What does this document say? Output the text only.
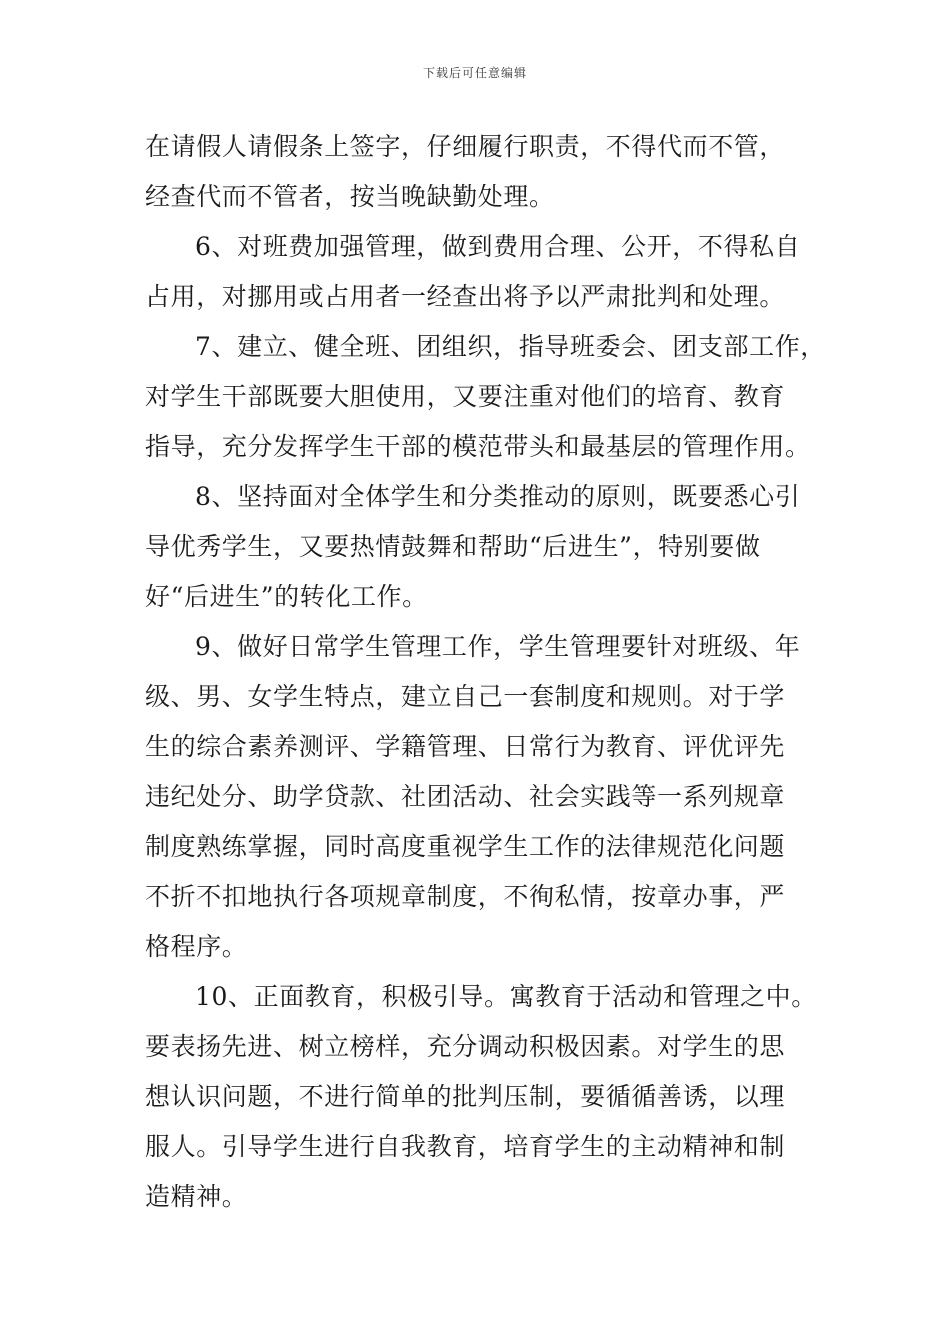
下载后可任意编辑
在请假人请假条上签字，仔细履行职责，不得代而不管，
经查代而不管者，按当晚缺勤处理。
6、对班费加强管理，做到费用合理、公开，不得私自
占用，对挪用或占用者一经查出将予以严肃批判和处理。
7、建立、健全班、团组织，指导班委会、团支部工作，
对学生干部既要大胆使用，又要注重对他们的培育、教育
指导，充分发挥学生干部的模范带头和最基层的管理作用。
8、坚持面对全体学生和分类推动的原则，既要悉心引
导优秀学生，又要热情鼓舞和帮助“后进生”，特别要做
好“后进生”的转化工作。
9、做好日常学生管理工作，学生管理要针对班级、年
级、男、女学生特点，建立自己一套制度和规则。对于学
生的综合素养测评、学籍管理、日常行为教育、评优评先
违纪处分、助学贷款、社团活动、社会实践等一系列规章
制度熟练掌握，同时高度重视学生工作的法律规范化问题
不折不扣地执行各项规章制度，不徇私情，按章办事，严
格程序。
10、正面教育，积极引导。寓教育于活动和管理之中。
要表扬先进、树立榜样，充分调动积极因素。对学生的思
想认识问题，不进行简单的批判压制，要循循善诱，以理
服人。引导学生进行自我教育，培育学生的主动精神和制
造精神。
